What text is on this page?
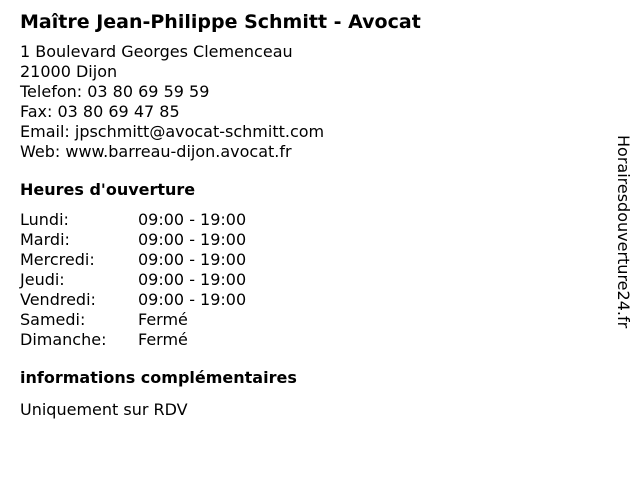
Maître Jean-Philippe Schmitt - Avocat
1 Boulevard Georges Clemenceau
21000 Dijon
Telefon: 03 80 69 59 59
Fax: 03 80 69 47 85
Email: jpschmitt@avocat-schmitt.com
Web: www.barreau-dijon.avocat.fr
Heures d'ouverture
Lundi:	09:00 - 19:00
Mardi:	09:00 - 19:00
Mercredi:	09:00 - 19:00
Jeudi:	09:00 - 19:00
Vendredi:	09:00 - 19:00
Samedi:	Fermé
Dimanche: Fermé
informations complémentaires
Uniquement sur RDV
Horairesdouverture24.fr
